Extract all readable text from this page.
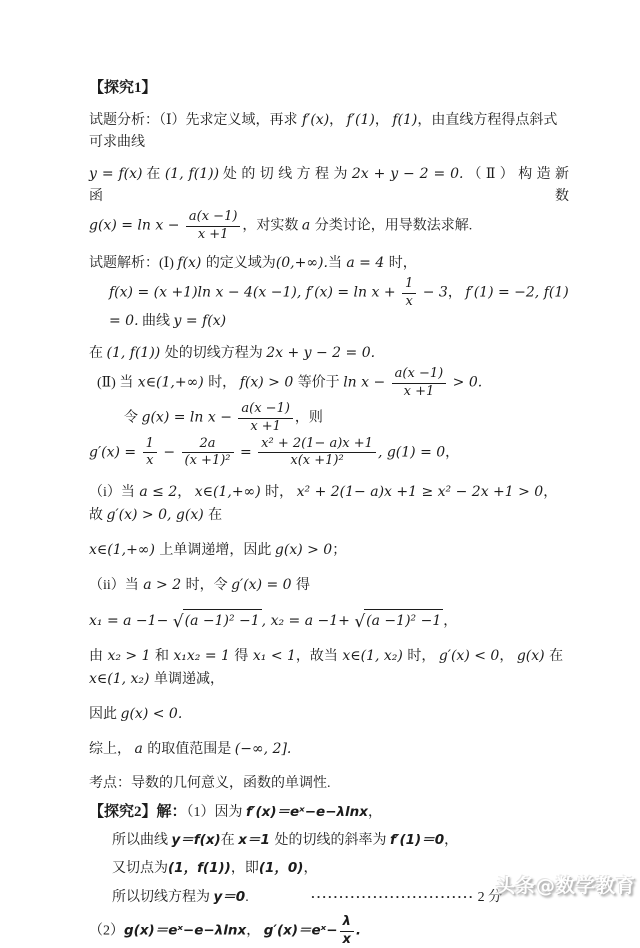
【探究1】
试题分析：（Ⅰ）先求定义域，再求 f′(x)， f′(1)， f(1)，由直线方程得点斜式可求曲线
y = f(x) 在 (1, f(1)) 处 的 切 线 方 程 为 2x + y − 2 = 0. （ Ⅱ ） 构 造 新 函 数
$g(x) = \ln x - \frac{a(x -1)}{x +1}$ ，对实数 a 分类讨论，用导数法求解.
试题解析：(Ⅰ) f(x) 的定义域为(0,+∞).当 a = 4 时，
f(x) = (x +1)ln x − 4(x −1), $f'(x) = \ln x + \frac{1}{x} - 3$， f′(1) = −2, f(1) = 0. 曲线 y = f(x)
在 (1, f(1)) 处的切线方程为 2x + y − 2 = 0.
(Ⅱ) 当 x∈(1,+∞) 时， f(x) > 0 等价于 $\ln x - \frac{a(x -1)}{x +1} > 0$.
令 $g(x) = \ln x - \frac{a(x -1)}{x +1}$ ，则
$g'(x) = \frac{1}{x} - \frac{2a}{\text{(x +1)²}} = \frac{\text{x² + 2(1− a)x +1}}{\text{x(x +1)²}}$ , g(1) = 0，
（i）当 a ≤ 2， x∈(1,+∞) 时， x² + 2(1− a)x +1 ≥ x² − 2x +1 > 0，故 g′(x) > 0, g(x) 在
x∈(1,+∞) 上单调递增，因此 g(x) > 0；
（ii）当 a > 2 时，令 g′(x) = 0 得
x₁ = a −1− √(a −1)² −1 , x₂ = a −1+ √(a −1)² −1 ，
由 x₂ > 1 和 x₁x₂ = 1 得 x₁ < 1，故当 x∈(1, x₂) 时， g′(x) < 0， g(x) 在 x∈(1, x₂) 单调递减，
因此 g(x) < 0.
综上， a 的取值范围是 (−∞, 2].
考点：导数的几何意义，函数的单调性.
【探究2】解：（1）因为 f′(x)＝eˣ−e−λlnx，
所以曲线 y＝f(x)在 x＝1 处的切线的斜率为 f′(1)＝0，
又切点为(1，f(1))，即(1，0)，
所以切线方程为 y＝0.	····························· 2 分
（2）g(x)＝eˣ−e−λlnx， g′(x)＝eˣ− $\frac{\lambda}{x}$ .
头条@数学教育
